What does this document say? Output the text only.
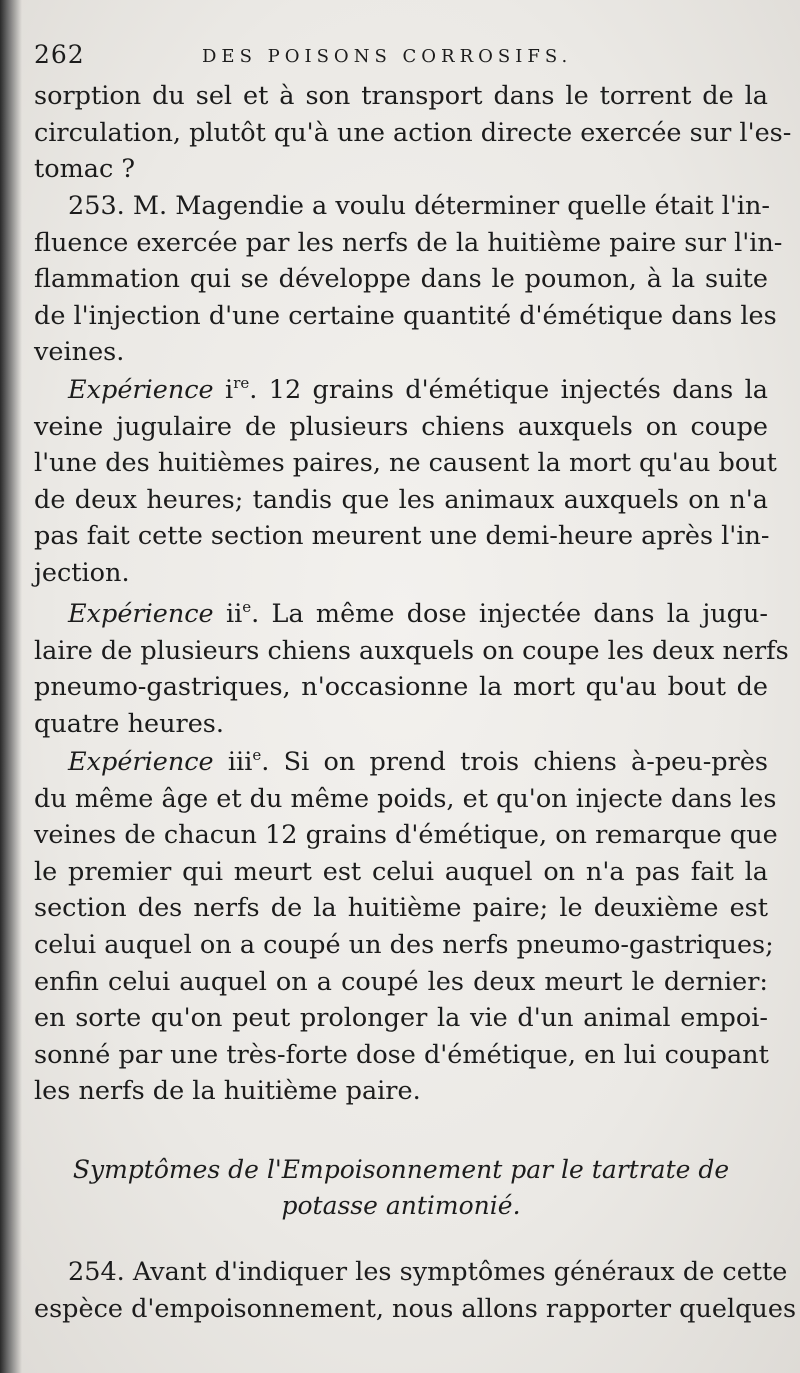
262	DES POISONS CORROSIFS.
sorption du sel et à son transport dans le torrent de la
circulation, plutôt qu'à une action directe exercée sur l'es-
tomac ?
253. M. Magendie a voulu déterminer quelle était l'in-
fluence exercée par les nerfs de la huitième paire sur l'in-
flammation qui se développe dans le poumon, à la suite
de l'injection d'une certaine quantité d'émétique dans les
veines.
Expérience $i^{re}$. 12 grains d'émétique injectés dans la
veine jugulaire de plusieurs chiens auxquels on coupe
l'une des huitièmes paires, ne causent la mort qu'au bout
de deux heures; tandis que les animaux auxquels on n'a
pas fait cette section meurent une demi-heure après l'in-
jection.
Expérience $ii^e$. La même dose injectée dans la jugu-
laire de plusieurs chiens auxquels on coupe les deux nerfs
pneumo-gastriques, n'occasionne la mort qu'au bout de
quatre heures.
Expérience iii$^e$. Si on prend trois chiens à-peu-près
du même âge et du même poids, et qu'on injecte dans les
veines de chacun 12 grains d'émétique, on remarque que
le premier qui meurt est celui auquel on n'a pas fait la
section des nerfs de la huitième paire; le deuxième est
celui auquel on a coupé un des nerfs pneumo-gastriques;
enfin celui auquel on a coupé les deux meurt le dernier:
en sorte qu'on peut prolonger la vie d'un animal empoi-
sonné par une très-forte dose d'émétique, en lui coupant
les nerfs de la huitième paire.
Symptômes de l'Empoisonnement par le tartrate de
potasse antimonié.
254. Avant d'indiquer les symptômes généraux de cette
espèce d'empoisonnement, nous allons rapporter quelques
